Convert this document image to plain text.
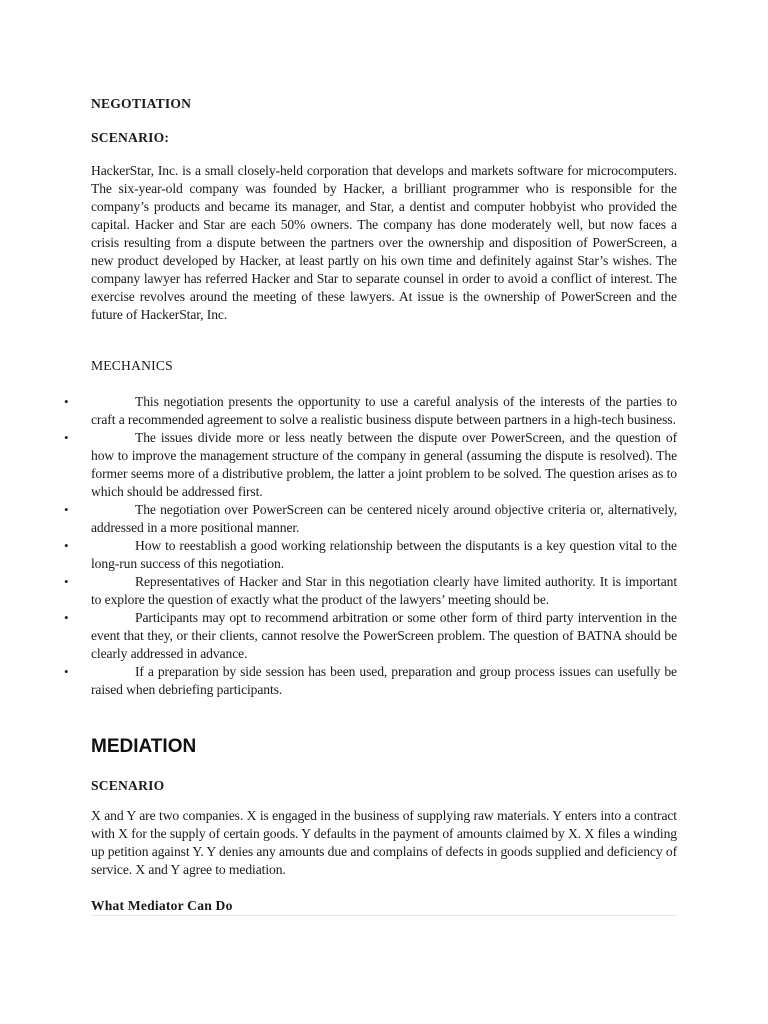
NEGOTIATION
SCENARIO:
HackerStar, Inc. is a small closely-held corporation that develops and markets software for microcomputers. The six-year-old company was founded by Hacker, a brilliant programmer who is responsible for the company’s products and became its manager, and Star, a dentist and computer hobbyist who provided the capital. Hacker and Star are each 50% owners. The company has done moderately well, but now faces a crisis resulting from a dispute between the partners over the ownership and disposition of PowerScreen, a new product developed by Hacker, at least partly on his own time and definitely against Star’s wishes. The company lawyer has referred Hacker and Star to separate counsel in order to avoid a conflict of interest. The exercise revolves around the meeting of these lawyers. At issue is the ownership of PowerScreen and the future of HackerStar, Inc.
MECHANICS
•	This negotiation presents the opportunity to use a careful analysis of the interests of the parties to craft a recommended agreement to solve a realistic business dispute between partners in a high-tech business.
•	The issues divide more or less neatly between the dispute over PowerScreen, and the question of how to improve the management structure of the company in general (assuming the dispute is resolved). The former seems more of a distributive problem, the latter a joint problem to be solved. The question arises as to which should be addressed first.
•	The negotiation over PowerScreen can be centered nicely around objective criteria or, alternatively, addressed in a more positional manner.
•	How to reestablish a good working relationship between the disputants is a key question vital to the long-run success of this negotiation.
•	Representatives of Hacker and Star in this negotiation clearly have limited authority. It is important to explore the question of exactly what the product of the lawyers’ meeting should be.
•	Participants may opt to recommend arbitration or some other form of third party intervention in the event that they, or their clients, cannot resolve the PowerScreen problem. The question of BATNA should be clearly addressed in advance.
•	If a preparation by side session has been used, preparation and group process issues can usefully be raised when debriefing participants.
MEDIATION
SCENARIO
X and Y are two companies. X is engaged in the business of supplying raw materials. Y enters into a contract with X for the supply of certain goods. Y defaults in the payment of amounts claimed by X. X files a winding up petition against Y. Y denies any amounts due and complains of defects in goods supplied and deficiency of service. X and Y agree to mediation.
What Mediator Can Do
